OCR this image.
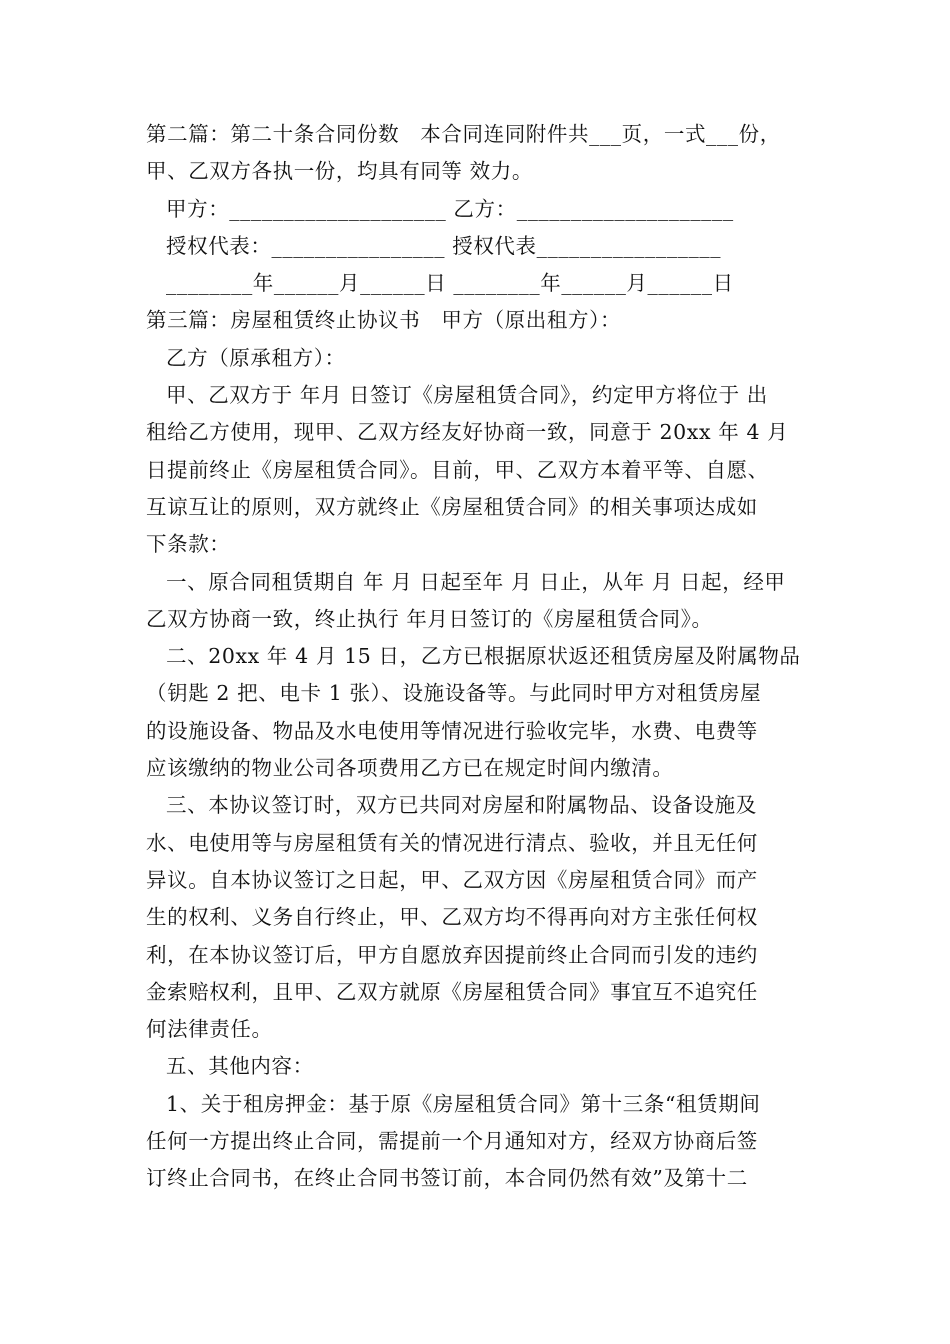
第二篇：第二十条合同份数　本合同连同附件共___页，一式___份，
甲、乙双方各执一份，均具有同等 效力。
甲方：____________________ 乙方：____________________
授权代表：________________ 授权代表_________________
________年______月______日 ________年______月______日
第三篇：房屋租赁终止协议书　甲方（原出租方）：
乙方（原承租方）：
甲、乙双方于 年月 日签订《房屋租赁合同》，约定甲方将位于 出
租给乙方使用，现甲、乙双方经友好协商一致，同意于 20xx 年 4 月
日提前终止《房屋租赁合同》。目前，甲、乙双方本着平等、自愿、
互谅互让的原则，双方就终止《房屋租赁合同》的相关事项达成如
下条款：
一、原合同租赁期自 年 月 日起至年 月 日止，从年 月 日起，经甲
乙双方协商一致，终止执行 年月日签订的《房屋租赁合同》。
二、20xx 年 4 月 15 日，乙方已根据原状返还租赁房屋及附属物品
（钥匙 2 把、电卡 1 张）、设施设备等。与此同时甲方对租赁房屋
的设施设备、物品及水电使用等情况进行验收完毕，水费、电费等
应该缴纳的物业公司各项费用乙方已在规定时间内缴清。
三、本协议签订时，双方已共同对房屋和附属物品、设备设施及
水、电使用等与房屋租赁有关的情况进行清点、验收，并且无任何
异议。自本协议签订之日起，甲、乙双方因《房屋租赁合同》而产
生的权利、义务自行终止，甲、乙双方均不得再向对方主张任何权
利，在本协议签订后，甲方自愿放弃因提前终止合同而引发的违约
金索赔权利，且甲、乙双方就原《房屋租赁合同》事宜互不追究任
何法律责任。
五、其他内容：
1、关于租房押金：基于原《房屋租赁合同》第十三条“租赁期间
任何一方提出终止合同，需提前一个月通知对方，经双方协商后签
订终止合同书，在终止合同书签订前，本合同仍然有效”及第十二
